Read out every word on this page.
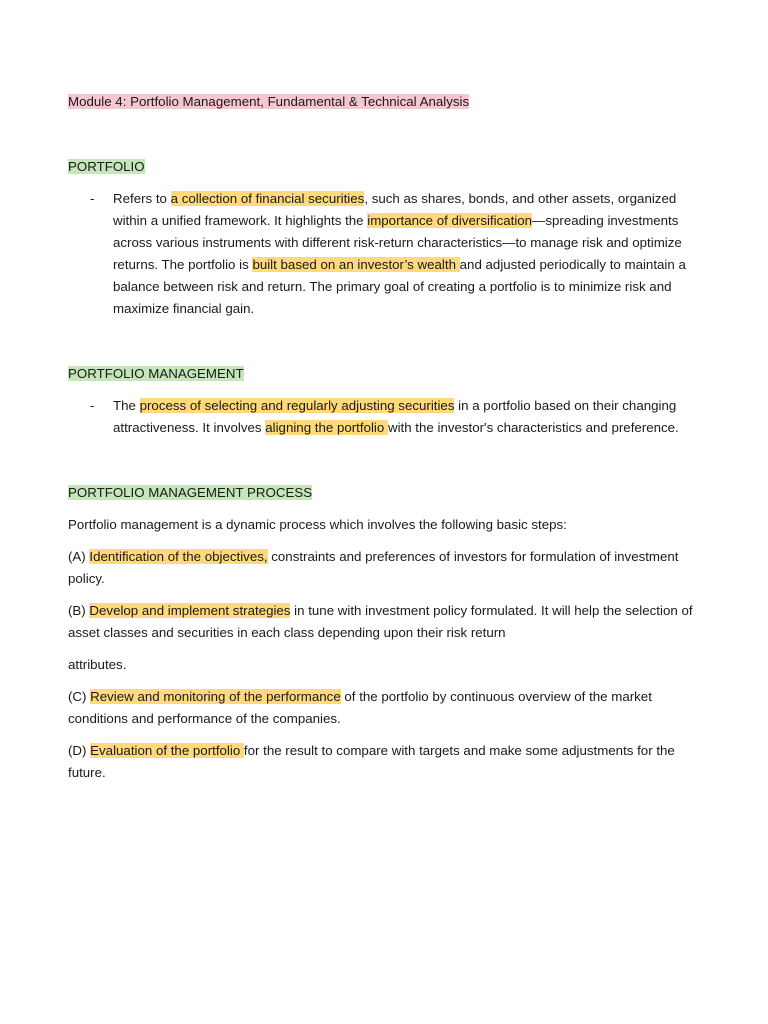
Module 4: Portfolio Management, Fundamental & Technical Analysis

PORTFOLIO

- Refers to a collection of financial securities, such as shares, bonds, and other assets, organized within a unified framework. It highlights the importance of diversification—spreading investments across various instruments with different risk-return characteristics—to manage risk and optimize returns. The portfolio is built based on an investor’s wealth and adjusted periodically to maintain a balance between risk and return. The primary goal of creating a portfolio is to minimize risk and maximize financial gain.

PORTFOLIO MANAGEMENT

- The process of selecting and regularly adjusting securities in a portfolio based on their changing attractiveness. It involves aligning the portfolio with the investor's characteristics and preference.

PORTFOLIO MANAGEMENT PROCESS

Portfolio management is a dynamic process which involves the following basic steps:

(A) Identification of the objectives, constraints and preferences of investors for formulation of investment policy.

(B) Develop and implement strategies in tune with investment policy formulated. It will help the selection of asset classes and securities in each class depending upon their risk return

attributes.

(C) Review and monitoring of the performance of the portfolio by continuous overview of the market conditions and performance of the companies.

(D) Evaluation of the portfolio for the result to compare with targets and make some adjustments for the future.
